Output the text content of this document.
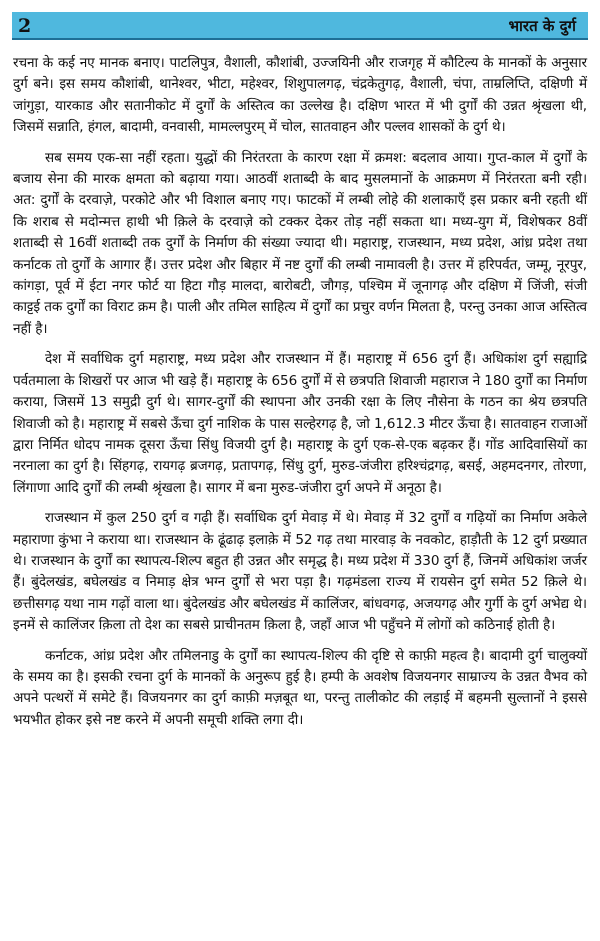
2	भारत के दुर्ग

रचना के कई नए मानक बनाए। पाटलिपुत्र, वैशाली, कौशांबी, उज्जयिनी और राजगृह में कौटिल्य के मानकों के अनुसार दुर्ग बने। इस समय कौशांबी, थानेश्वर, भीटा, महेश्वर, शिशुपालगढ़, चंद्रकेतुगढ़, वैशाली, चंपा, ताम्रलिप्ति, दक्षिणी में जांगुड़ा, यारकाड और सतानीकोट में दुर्गों के अस्तित्व का उल्लेख है। दक्षिण भारत में भी दुर्गों की उन्नत श्रृंखला थी, जिसमें सन्नाति, हंगल, बादामी, वनवासी, मामल्लपुरम् में चोल, सातवाहन और पल्लव शासकों के दुर्ग थे।

सब समय एक-सा नहीं रहता। युद्धों की निरंतरता के कारण रक्षा में क्रमश: बदलाव आया। गुप्त-काल में दुर्गों के बजाय सेना की मारक क्षमता को बढ़ाया गया। आठवीं शताब्दी के बाद मुसलमानों के आक्रमण में निरंतरता बनी रही। अत: दुर्गों के दरवाज़े, परकोटे और भी विशाल बनाए गए। फाटकों में लम्बी लोहे की शलाकाएँ इस प्रकार बनी रहती थीं कि शराब से मदोन्मत्त हाथी भी क़िले के दरवाज़े को टक्कर देकर तोड़ नहीं सकता था। मध्य-युग में, विशेषकर 8वीं शताब्दी से 16वीं शताब्दी तक दुर्गों के निर्माण की संख्या ज्यादा थी। महाराष्ट्र, राजस्थान, मध्य प्रदेश, आंध्र प्रदेश तथा कर्नाटक तो दुर्गों के आगार हैं। उत्तर प्रदेश और बिहार में नष्ट दुर्गों की लम्बी नामावली है। उत्तर में हरिपर्वत, जम्मू, नूरपुर, कांगड़ा, पूर्व में ईटा नगर फोर्ट या हिटा गौड़ मालदा, बारोबटी, जौगड़, पश्चिम में जूनागढ़ और दक्षिण में जिंजी, संजी काट्टई तक दुर्गों का विराट क्रम है। पाली और तमिल साहित्य में दुर्गों का प्रचुर वर्णन मिलता है, परन्तु उनका आज अस्तित्व नहीं है।

देश में सर्वाधिक दुर्ग महाराष्ट्र, मध्य प्रदेश और राजस्थान में हैं। महाराष्ट्र में 656 दुर्ग हैं। अधिकांश दुर्ग सह्याद्रि पर्वतमाला के शिखरों पर आज भी खड़े हैं। महाराष्ट्र के 656 दुर्गों में से छत्रपति शिवाजी महाराज ने 180 दुर्गों का निर्माण कराया, जिसमें 13 समुद्री दुर्ग थे। सागर-दुर्गों की स्थापना और उनकी रक्षा के लिए नौसेना के गठन का श्रेय छत्रपति शिवाजी को है। महाराष्ट्र में सबसे ऊँचा दुर्ग नाशिक के पास सल्हेरगढ़ है, जो 1,612.3 मीटर ऊँचा है। सातवाहन राजाओं द्वारा निर्मित धोदप नामक दूसरा ऊँचा सिंधु विजयी दुर्ग है। महाराष्ट्र के दुर्ग एक-से-एक बढ़कर हैं। गोंड आदिवासियों का नरनाला का दुर्ग है। सिंहगढ़, रायगढ़ ब्रजगढ़, प्रतापगढ़, सिंधु दुर्ग, मुरुड-जंजीरा हरिश्चंद्रगढ़, बसई, अहमदनगर, तोरणा, लिंगाणा आदि दुर्गों की लम्बी श्रृंखला है। सागर में बना मुरुड-जंजीरा दुर्ग अपने में अनूठा है।

राजस्थान में कुल 250 दुर्ग व गढ़ी हैं। सर्वाधिक दुर्ग मेवाड़ में थे। मेवाड़ में 32 दुर्गों व गढ़ियों का निर्माण अकेले महाराणा कुंभा ने कराया था। राजस्थान के ढूंढाढ़ इलाक़े में 52 गढ़ तथा मारवाड़ के नवकोट, हाड़ौती के 12 दुर्ग प्रख्यात थे। राजस्थान के दुर्गों का स्थापत्य-शिल्प बहुत ही उन्नत और समृद्ध है। मध्य प्रदेश में 330 दुर्ग हैं, जिनमें अधिकांश जर्जर हैं। बुंदेलखंड, बघेलखंड व निमाड़ क्षेत्र भग्न दुर्गों से भरा पड़ा है। गढ़मंडला राज्य में रायसेन दुर्ग समेत 52 क़िले थे। छत्तीसगढ़ यथा नाम गढ़ों वाला था। बुंदेलखंड और बघेलखंड में कालिंजर, बांधवगढ़, अजयगढ़ और गुर्गी के दुर्ग अभेद्य थे। इनमें से कालिंजर क़िला तो देश का सबसे प्राचीनतम क़िला है, जहाँ आज भी पहुँचने में लोगों को कठिनाई होती है।

कर्नाटक, आंध्र प्रदेश और तमिलनाडु के दुर्गों का स्थापत्य-शिल्प की दृष्टि से काफ़ी महत्व है। बादामी दुर्ग चालुक्यों के समय का है। इसकी रचना दुर्ग के मानकों के अनुरूप हुई है। हम्पी के अवशेष विजयनगर साम्राज्य के उन्नत वैभव को अपने पत्थरों में समेटे हैं। विजयनगर का दुर्ग काफ़ी मज़बूत था, परन्तु तालीकोट की लड़ाई में बहमनी सुल्तानों ने इससे भयभीत होकर इसे नष्ट करने में अपनी समूची शक्ति लगा दी।
